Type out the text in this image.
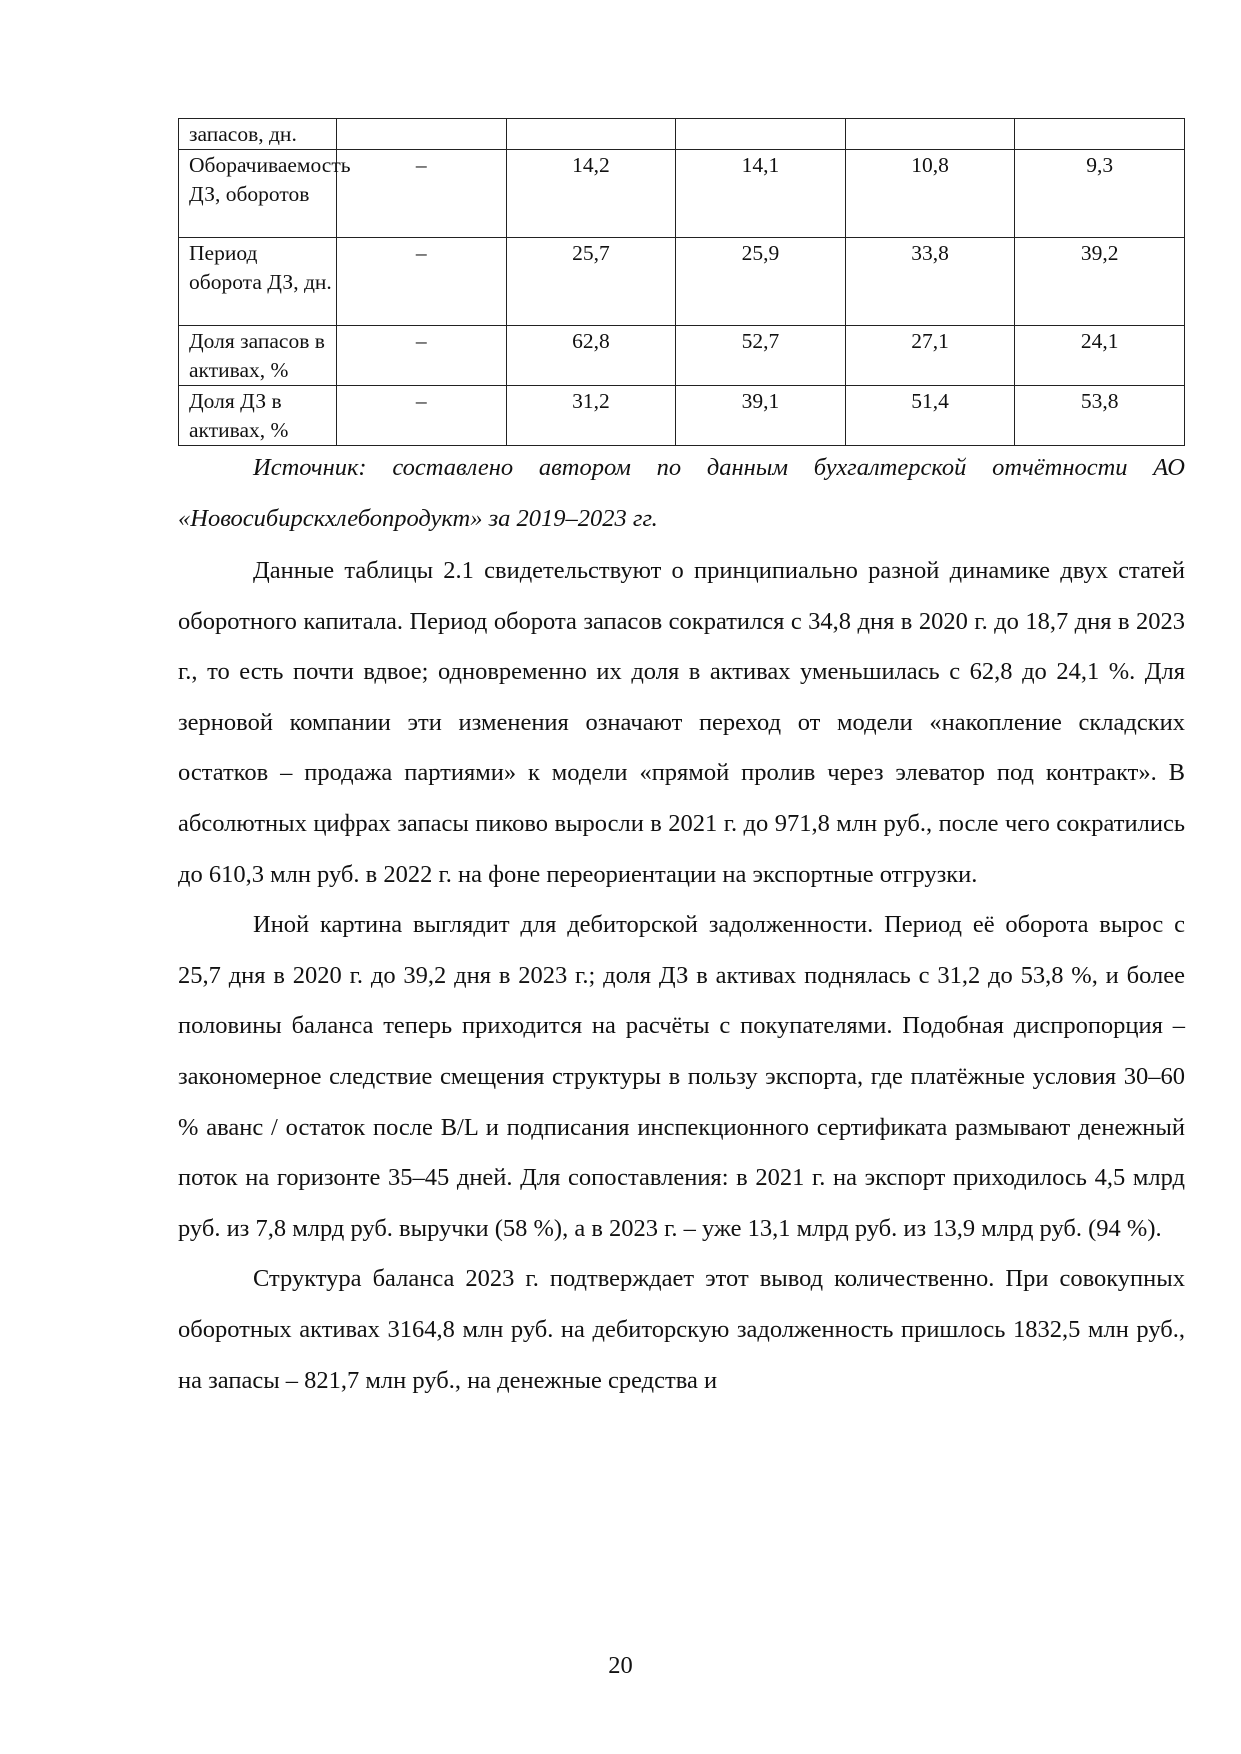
запасов, дн.					
Оборачиваемость ДЗ, оборотов	–	14,2	14,1	10,8	9,3
Период оборота ДЗ, дн.	–	25,7	25,9	33,8	39,2
Доля запасов в активах, %	–	62,8	52,7	27,1	24,1
Доля ДЗ в активах, %	–	31,2	39,1	51,4	53,8

Источник: составлено автором по данным бухгалтерской отчётности АО «Новосибирскхлебопродукт» за 2019–2023 гг.

Данные таблицы 2.1 свидетельствуют о принципиально разной динамике двух статей оборотного капитала. Период оборота запасов сократился с 34,8 дня в 2020 г. до 18,7 дня в 2023 г., то есть почти вдвое; одновременно их доля в активах уменьшилась с 62,8 до 24,1 %. Для зерновой компании эти изменения означают переход от модели «накопление складских остатков – продажа партиями» к модели «прямой пролив через элеватор под контракт». В абсолютных цифрах запасы пиково выросли в 2021 г. до 971,8 млн руб., после чего сократились до 610,3 млн руб. в 2022 г. на фоне переориентации на экспортные отгрузки.

Иной картина выглядит для дебиторской задолженности. Период её оборота вырос с 25,7 дня в 2020 г. до 39,2 дня в 2023 г.; доля ДЗ в активах поднялась с 31,2 до 53,8 %, и более половины баланса теперь приходится на расчёты с покупателями. Подобная диспропорция – закономерное следствие смещения структуры в пользу экспорта, где платёжные условия 30–60 % аванс / остаток после B/L и подписания инспекционного сертификата размывают денежный поток на горизонте 35–45 дней. Для сопоставления: в 2021 г. на экспорт приходилось 4,5 млрд руб. из 7,8 млрд руб. выручки (58 %), а в 2023 г. – уже 13,1 млрд руб. из 13,9 млрд руб. (94 %).

Структура баланса 2023 г. подтверждает этот вывод количественно. При совокупных оборотных активах 3164,8 млн руб. на дебиторскую задолженность пришлось 1832,5 млн руб., на запасы – 821,7 млн руб., на денежные средства и

20
